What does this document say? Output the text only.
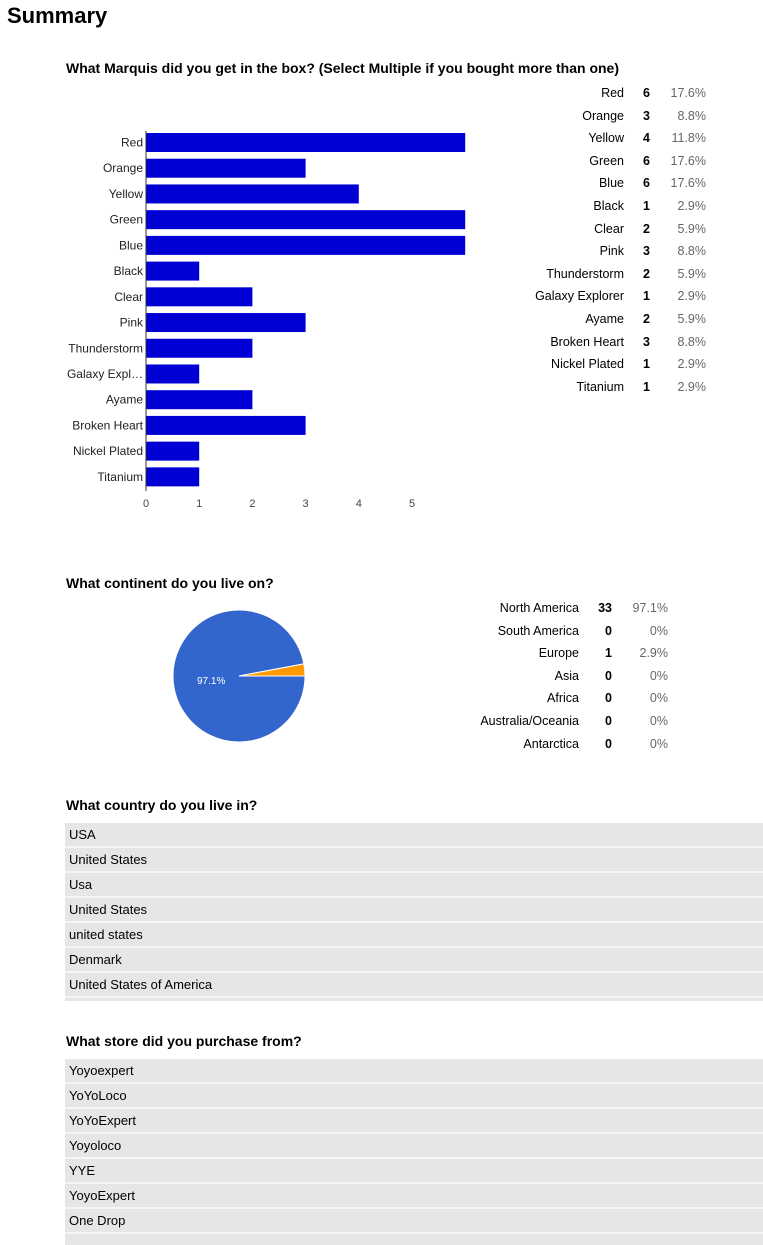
Summary
What Marquis did you get in the box? (Select Multiple if you bought more than one)
Red
Orange
Yellow
Green
Blue
Black
Clear
Pink
Thunderstorm
Galaxy Expl…
Ayame
Broken Heart
Nickel Plated
Titanium
0	1	2	3	4	5
Red	6	17.6%
Orange	3	8.8%
Yellow	4	11.8%
Green	6	17.6%
Blue	6	17.6%
Black	1	2.9%
Clear	2	5.9%
Pink	3	8.8%
Thunderstorm	2	5.9%
Galaxy Explorer	1	2.9%
Ayame	2	5.9%
Broken Heart	3	8.8%
Nickel Plated	1	2.9%
Titanium	1	2.9%
What continent do you live on?
97.1%
North America	33	97.1%
South America	0	0%
Europe	1	2.9%
Asia	0	0%
Africa	0	0%
Australia/Oceania	0	0%
Antarctica	0	0%
What country do you live in?
USA
United States
Usa
United States
united states
Denmark
United States of America
What store did you purchase from?
Yoyoexpert
YoYoLoco
YoYoExpert
Yoyoloco
YYE
YoyoExpert
One Drop
